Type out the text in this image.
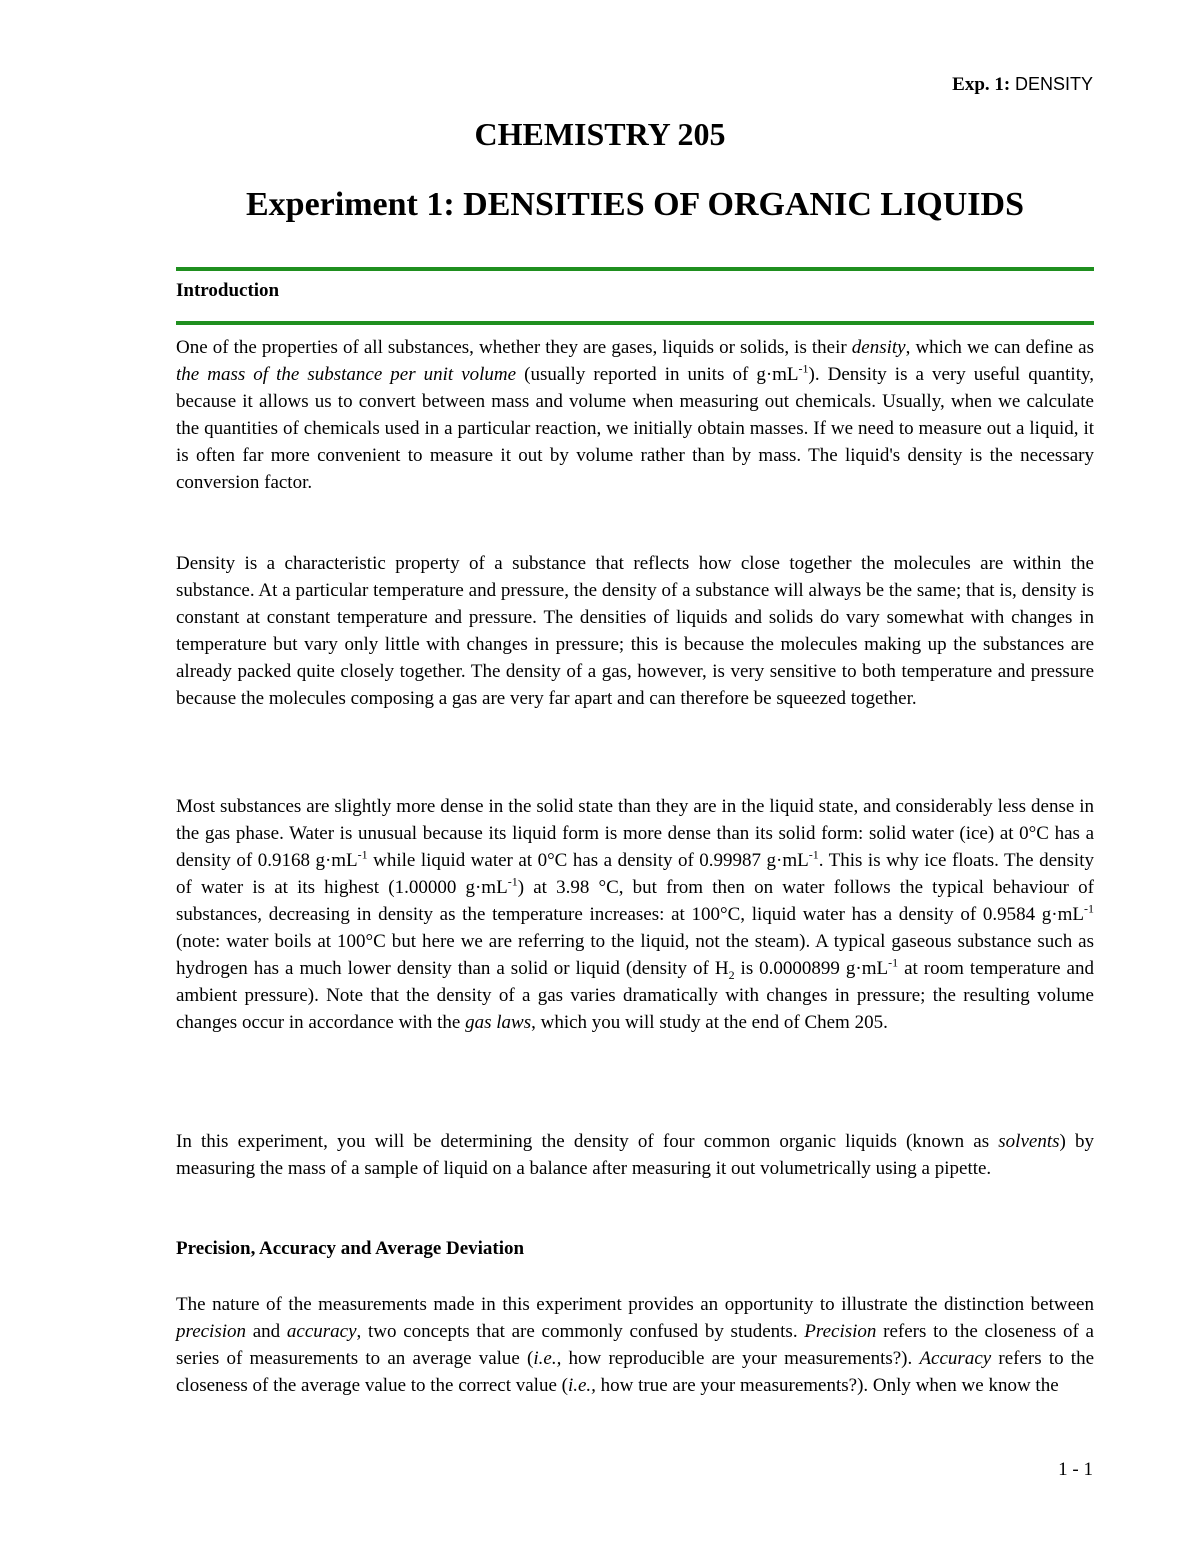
Exp. 1: DENSITY
CHEMISTRY 205
Experiment 1: DENSITIES OF ORGANIC LIQUIDS
Introduction

One of the properties of all substances, whether they are gases, liquids or solids, is their density, which we can define as the mass of the substance per unit volume (usually reported in units of $g\cdot mL^{-1}$). Density is a very useful quantity, because it allows us to convert between mass and volume when measuring out chemicals. Usually, when we calculate the quantities of chemicals used in a particular reaction, we initially obtain masses. If we need to measure out a liquid, it is often far more convenient to measure it out by volume rather than by mass. The liquid's density is the necessary conversion factor.

Density is a characteristic property of a substance that reflects how close together the molecules are within the substance. At a particular temperature and pressure, the density of a substance will always be the same; that is, density is constant at constant temperature and pressure. The densities of liquids and solids do vary somewhat with changes in temperature but vary only little with changes in pressure; this is because the molecules making up the substances are already packed quite closely together. The density of a gas, however, is very sensitive to both temperature and pressure because the molecules composing a gas are very far apart and can therefore be squeezed together.

Most substances are slightly more dense in the solid state than they are in the liquid state, and considerably less dense in the gas phase. Water is unusual because its liquid form is more dense than its solid form: solid water (ice) at 0°C has a density of 0.9168 $g\cdot mL^{-1}$ while liquid water at 0°C has a density of 0.99987 $g\cdot mL^{-1}$. This is why ice floats. The density of water is at its highest (1.00000 $g\cdot mL^{-1}$) at 3.98 °C, but from then on water follows the typical behaviour of substances, decreasing in density as the temperature increases: at 100°C, liquid water has a density of 0.9584 $g\cdot mL^{-1}$ (note: water boils at 100°C but here we are referring to the liquid, not the steam). A typical gaseous substance such as hydrogen has a much lower density than a solid or liquid (density of $H_2$ is 0.0000899 $g\cdot mL^{-1}$ at room temperature and ambient pressure). Note that the density of a gas varies dramatically with changes in pressure; the resulting volume changes occur in accordance with the gas laws, which you will study at the end of Chem 205.

In this experiment, you will be determining the density of four common organic liquids (known as solvents) by measuring the mass of a sample of liquid on a balance after measuring it out volumetrically using a pipette.

Precision, Accuracy and Average Deviation

The nature of the measurements made in this experiment provides an opportunity to illustrate the distinction between precision and accuracy, two concepts that are commonly confused by students. Precision refers to the closeness of a series of measurements to an average value (i.e., how reproducible are your measurements?). Accuracy refers to the closeness of the average value to the correct value (i.e., how true are your measurements?). Only when we know the

1 - 1
